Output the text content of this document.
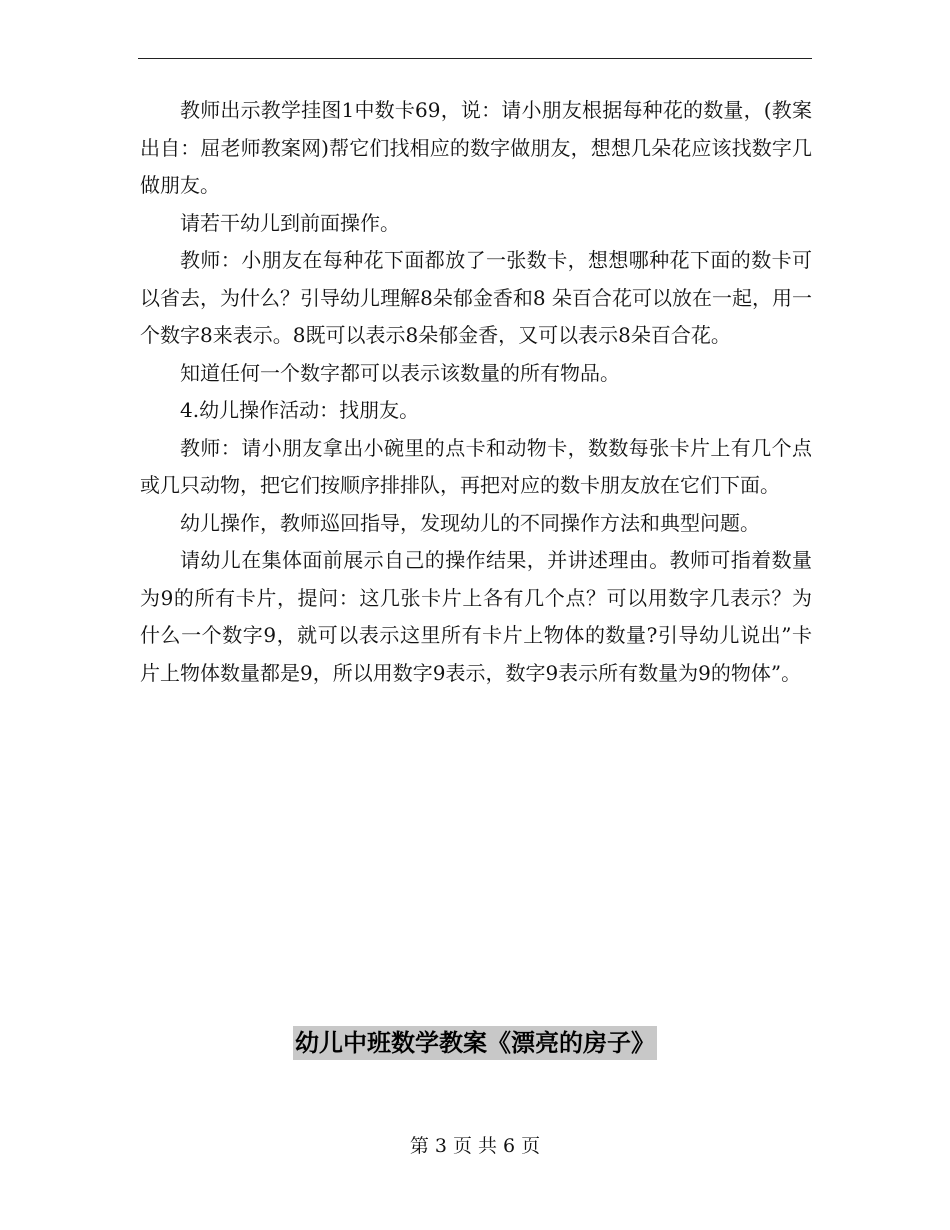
教师出示教学挂图1中数卡69，说：请小朋友根据每种花的数量，(教案出自：屈老师教案网)帮它们找相应的数字做朋友，想想几朵花应该找数字几做朋友。

请若干幼儿到前面操作。

教师：小朋友在每种花下面都放了一张数卡，想想哪种花下面的数卡可以省去，为什么？引导幼儿理解8朵郁金香和8 朵百合花可以放在一起，用一个数字8来表示。8既可以表示8朵郁金香，又可以表示8朵百合花。

知道任何一个数字都可以表示该数量的所有物品。

4.幼儿操作活动：找朋友。

教师：请小朋友拿出小碗里的点卡和动物卡，数数每张卡片上有几个点或几只动物，把它们按顺序排排队，再把对应的数卡朋友放在它们下面。

幼儿操作，教师巡回指导，发现幼儿的不同操作方法和典型问题。

请幼儿在集体面前展示自己的操作结果，并讲述理由。教师可指着数量为9的所有卡片，提问：这几张卡片上各有几个点？可以用数字几表示？为什么一个数字9，就可以表示这里所有卡片上物体的数量?引导幼儿说出”卡片上物体数量都是9，所以用数字9表示，数字9表示所有数量为9的物体”。

幼儿中班数学教案《漂亮的房子》
第 3 页 共 6 页
